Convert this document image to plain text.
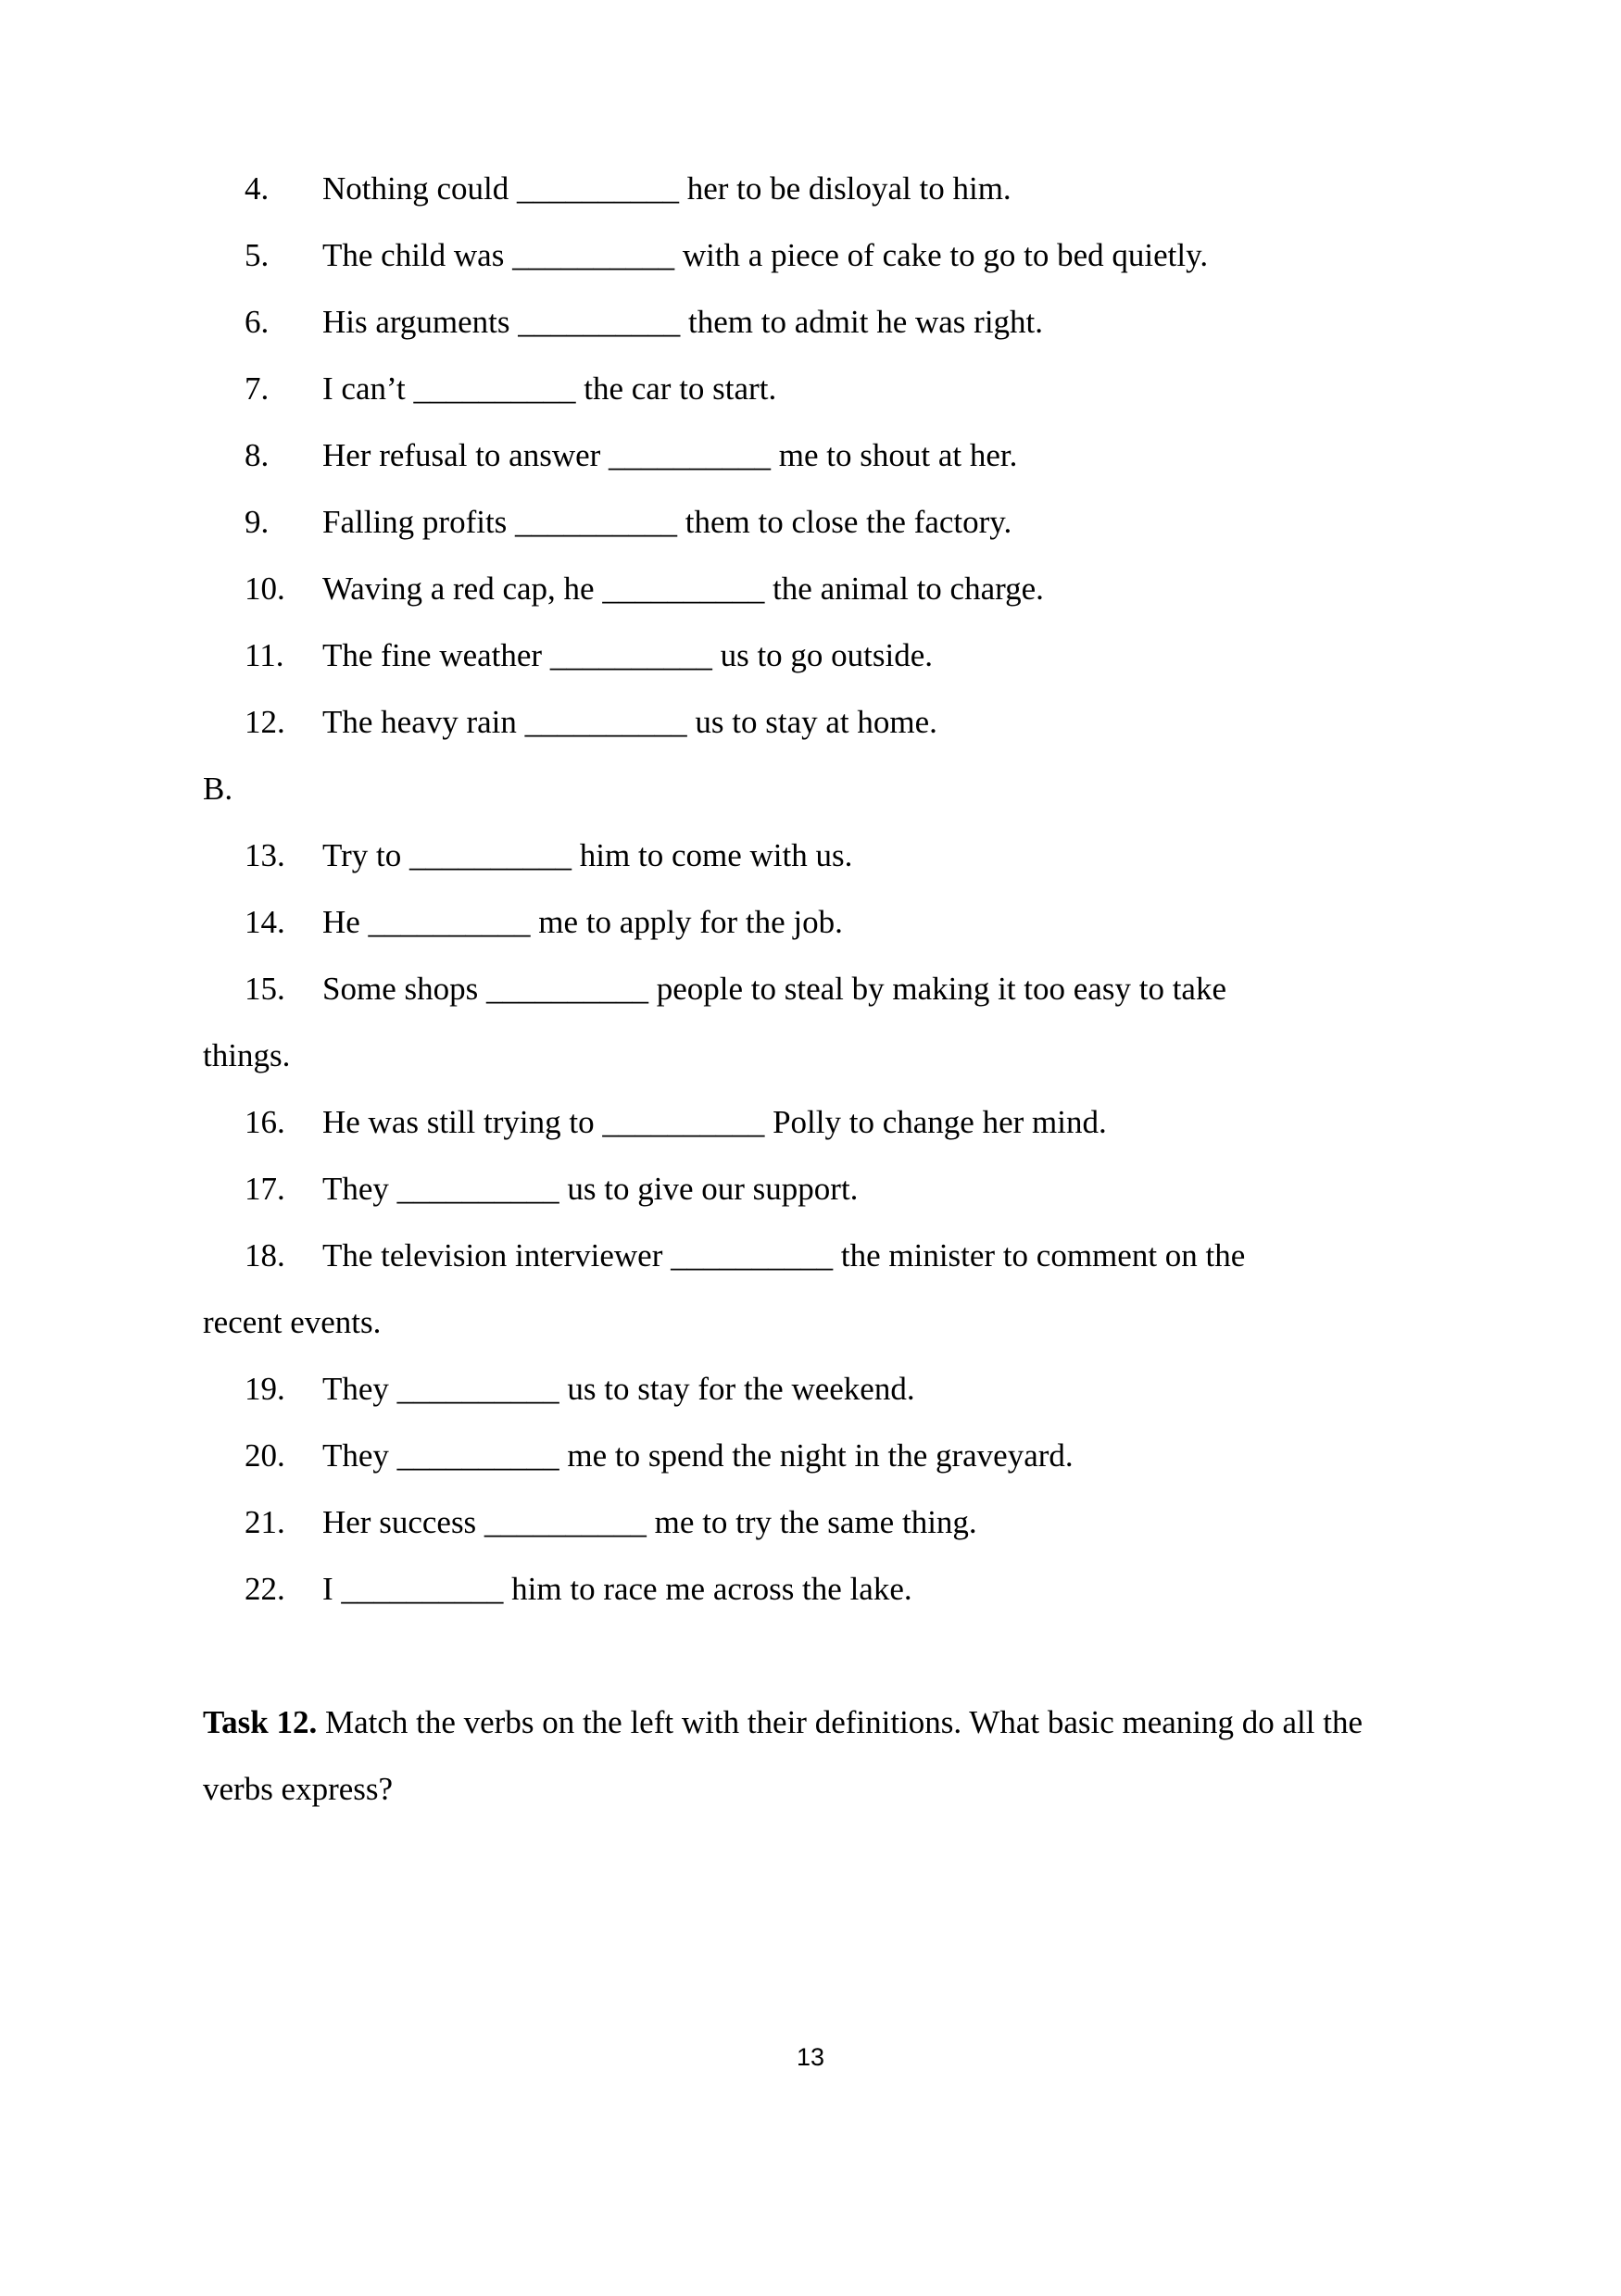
4. Nothing could __________ her to be disloyal to him.
5. The child was __________ with a piece of cake to go to bed quietly.
6. His arguments __________ them to admit he was right.
7. I can’t __________ the car to start.
8. Her refusal to answer __________ me to shout at her.
9. Falling profits __________ them to close the factory.
10. Waving a red cap, he __________ the animal to charge.
11. The fine weather __________ us to go outside.
12. The heavy rain __________ us to stay at home.
B.
13. Try to __________ him to come with us.
14. He __________ me to apply for the job.
15. Some shops __________ people to steal by making it too easy to take
things.
16. He was still trying to __________ Polly to change her mind.
17. They __________ us to give our support.
18. The television interviewer __________ the minister to comment on the
recent events.
19. They __________ us to stay for the weekend.
20. They __________ me to spend the night in the graveyard.
21. Her success __________ me to try the same thing.
22. I __________ him to race me across the lake.

Task 12. Match the verbs on the left with their definitions. What basic meaning do all the verbs express?

13
